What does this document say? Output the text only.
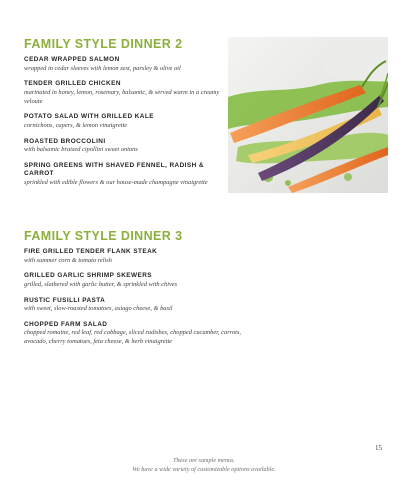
FAMILY STYLE DINNER 2
CEDAR WRAPPED SALMON
wrapped in cedar sleeves with lemon zest, parsley & olive oil
TENDER GRILLED CHICKEN
marinated in honey, lemon, rosemary, balsamic, & served warm in a creamy veloute
POTATO SALAD WITH GRILLED KALE
cornichons, capers, & lemon vinaigrette
ROASTED BROCCOLINI
with balsamic braised cipollini sweet onions
SPRING GREENS WITH SHAVED FENNEL, RADISH & CARROT
sprinkled with edible flowers & our house-made champagne vinaigrette
FAMILY STYLE DINNER 3
FIRE GRILLED TENDER FLANK STEAK
with summer corn & tomato relish
GRILLED GARLIC SHRIMP SKEWERS
grilled, slathered with garlic butter, & sprinkled with chives
RUSTIC FUSILLI PASTA
with sweet, slow-roasted tomatoes, asiago cheese, & basil
CHOPPED FARM SALAD
chopped romaine, red leaf, red cabbage, sliced radishes, chopped cucumber, carrots, avocado, cherry tomatoes, feta cheese, & herb vinaigrette
15
These are sample menus.
We have a wide variety of customizable options available.
